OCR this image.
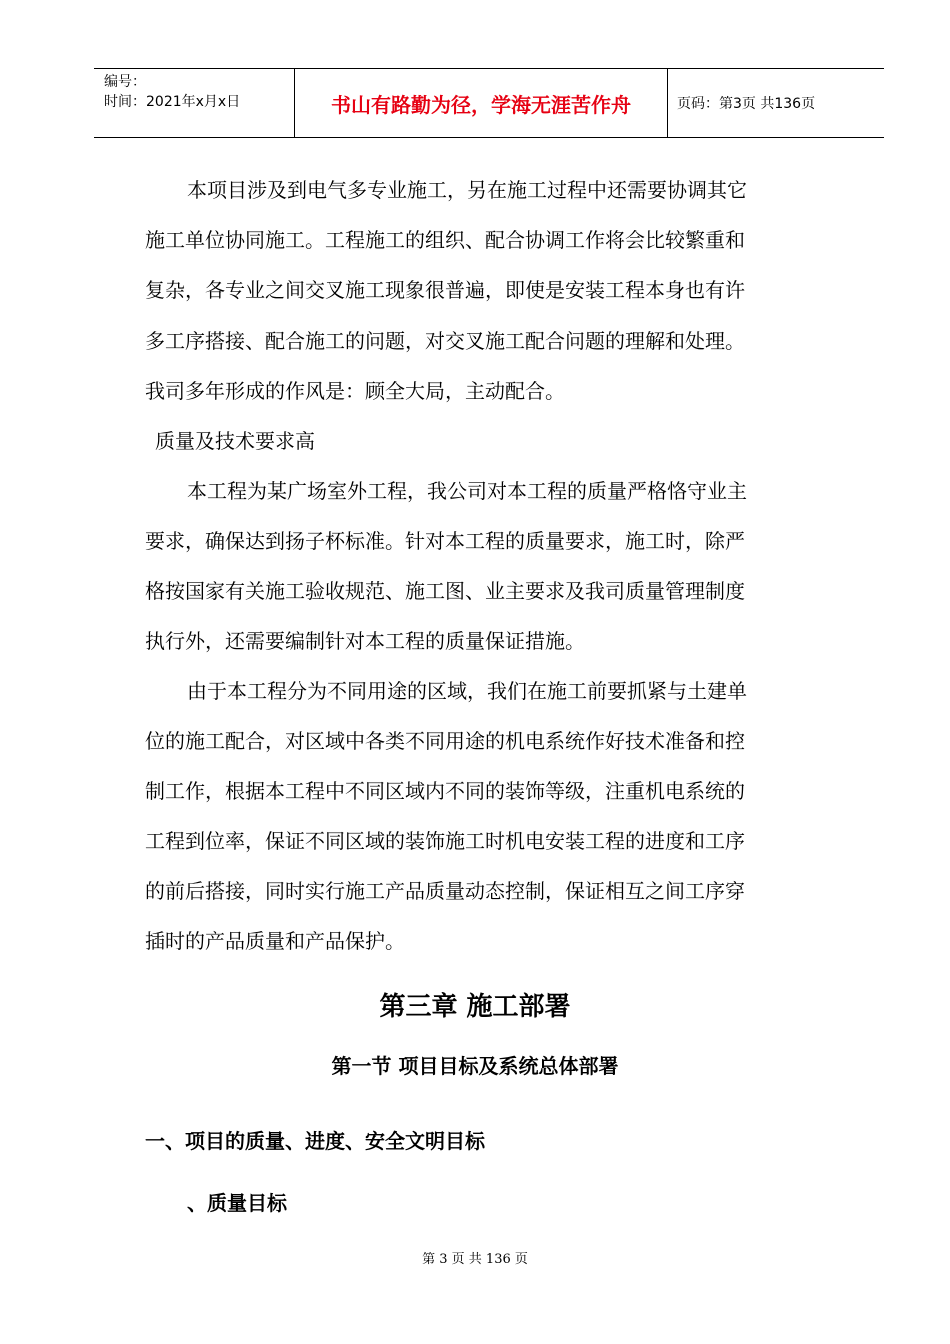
编号：
时间：2021年x月x日	书山有路勤为径，学海无涯苦作舟	页码：第3页 共136页
本项目涉及到电气多专业施工，另在施工过程中还需要协调其它
施工单位协同施工。工程施工的组织、配合协调工作将会比较繁重和
复杂，各专业之间交叉施工现象很普遍，即使是安装工程本身也有许
多工序搭接、配合施工的问题，对交叉施工配合问题的理解和处理。
我司多年形成的作风是：顾全大局，主动配合。
质量及技术要求高
本工程为某广场室外工程，我公司对本工程的质量严格恪守业主
要求，确保达到扬子杯标准。针对本工程的质量要求，施工时，除严
格按国家有关施工验收规范、施工图、业主要求及我司质量管理制度
执行外，还需要编制针对本工程的质量保证措施。
由于本工程分为不同用途的区域，我们在施工前要抓紧与土建单
位的施工配合，对区域中各类不同用途的机电系统作好技术准备和控
制工作，根据本工程中不同区域内不同的装饰等级，注重机电系统的
工程到位率，保证不同区域的装饰施工时机电安装工程的进度和工序
的前后搭接，同时实行施工产品质量动态控制，保证相互之间工序穿
插时的产品质量和产品保护。
第三章 施工部署
第一节 项目目标及系统总体部署
一、项目的质量、进度、安全文明目标
、质量目标
第 3 页 共 136 页
